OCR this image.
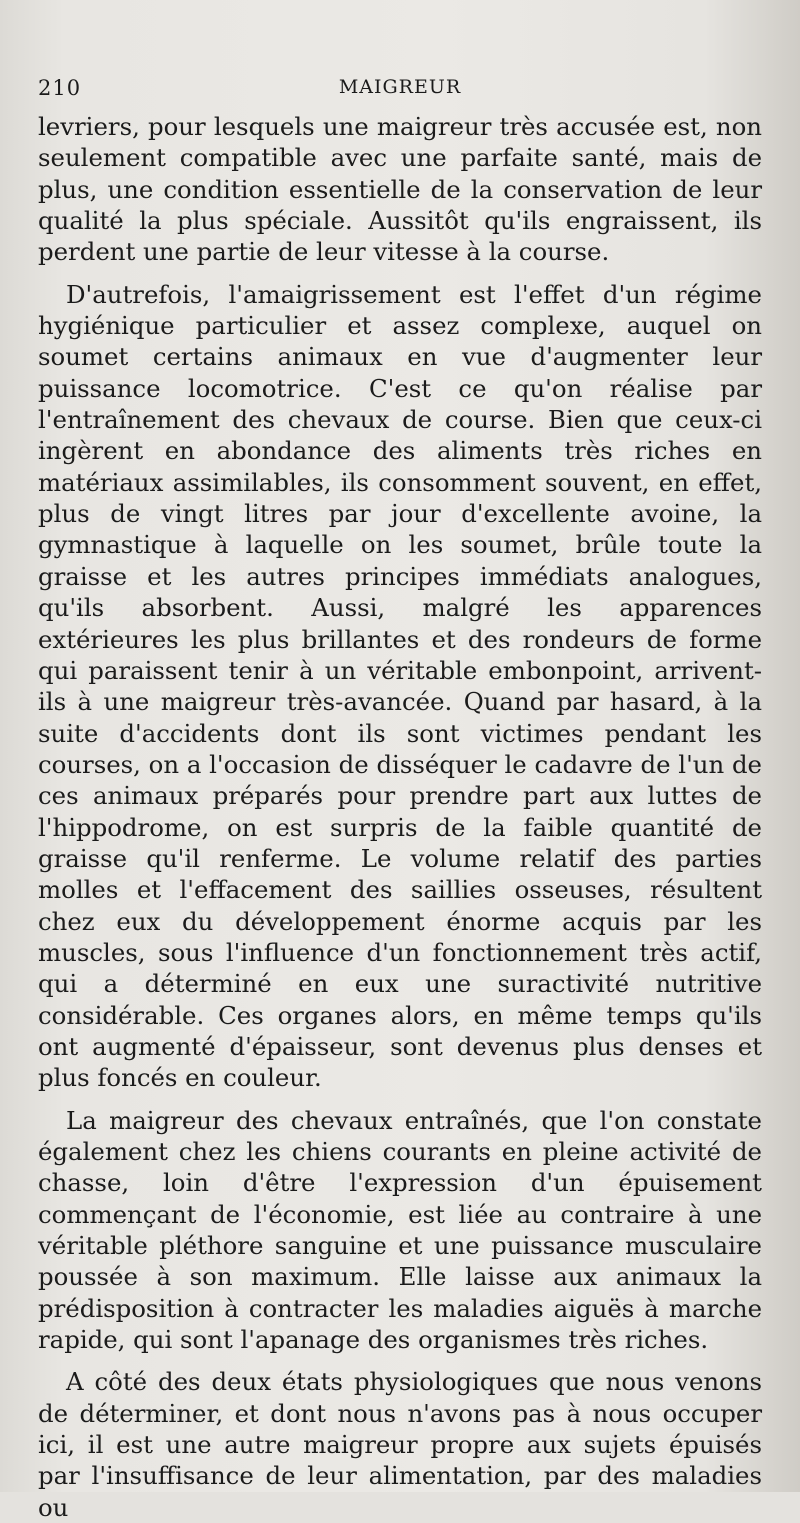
210	MAIGREUR

levriers, pour lesquels une maigreur très accusée est, non seulement compatible avec une parfaite santé, mais de plus, une condition essentielle de la conservation de leur qualité la plus spéciale. Aussitôt qu'ils engraissent, ils perdent une partie de leur vitesse à la course.

D'autrefois, l'amaigrissement est l'effet d'un régime hygiénique particulier et assez complexe, auquel on soumet certains animaux en vue d'augmenter leur puissance locomotrice. C'est ce qu'on réalise par l'entraînement des chevaux de course. Bien que ceux-ci ingèrent en abondance des aliments très riches en matériaux assimilables, ils consomment souvent, en effet, plus de vingt litres par jour d'excellente avoine, la gymnastique à laquelle on les soumet, brûle toute la graisse et les autres principes immédiats analogues, qu'ils absorbent. Aussi, malgré les apparences extérieures les plus brillantes et des rondeurs de forme qui paraissent tenir à un véritable embonpoint, arrivent-ils à une maigreur très-avancée. Quand par hasard, à la suite d'accidents dont ils sont victimes pendant les courses, on a l'occasion de disséquer le cadavre de l'un de ces animaux préparés pour prendre part aux luttes de l'hippodrome, on est surpris de la faible quantité de graisse qu'il renferme. Le volume relatif des parties molles et l'effacement des saillies osseuses, résultent chez eux du développement énorme acquis par les muscles, sous l'influence d'un fonctionnement très actif, qui a déterminé en eux une suractivité nutritive considérable. Ces organes alors, en même temps qu'ils ont augmenté d'épaisseur, sont devenus plus denses et plus foncés en couleur.

La maigreur des chevaux entraînés, que l'on constate également chez les chiens courants en pleine activité de chasse, loin d'être l'expression d'un épuisement commençant de l'économie, est liée au contraire à une véritable pléthore sanguine et une puissance musculaire poussée à son maximum. Elle laisse aux animaux la prédisposition à contracter les maladies aiguës à marche rapide, qui sont l'apanage des organismes très riches.

A côté des deux états physiologiques que nous venons de déterminer, et dont nous n'avons pas à nous occuper ici, il est une autre maigreur propre aux sujets épuisés par l'insuffisance de leur alimentation, par des maladies ou
